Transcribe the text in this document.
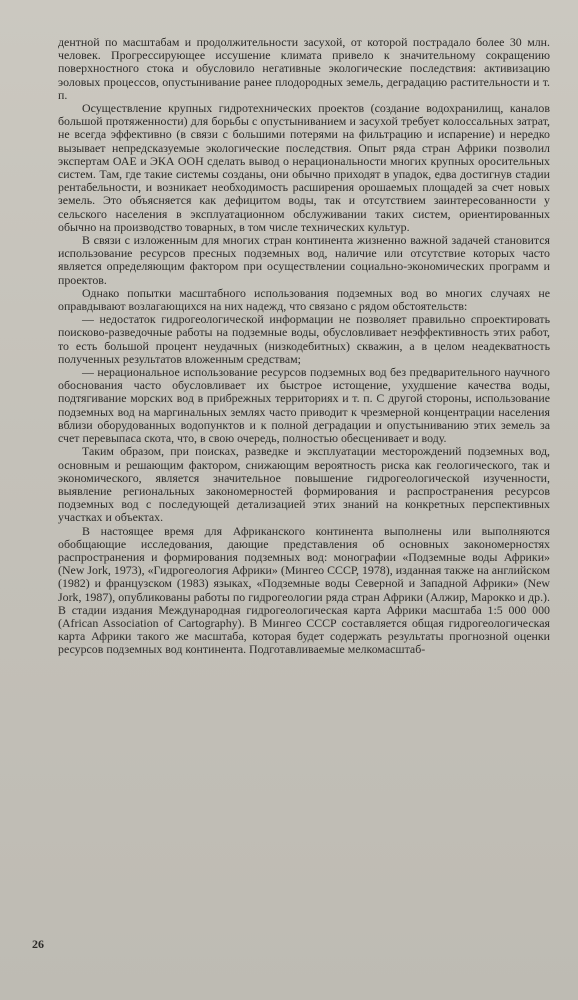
дентной по масштабам и продолжительности засухой, от которой пострадало более 30 млн. человек. Прогрессирующее иссушение климата привело к значительному сокращению поверхностного стока и обусловило негативные экологические последствия: активизацию эоловых процессов, опустынивание ранее плодородных земель, деградацию растительности и т. п.

Осуществление крупных гидротехнических проектов (создание водохранилищ, каналов большой протяженности) для борьбы с опустыниванием и засухой требует колоссальных затрат, не всегда эффективно (в связи с большими потерями на фильтрацию и испарение) и нередко вызывает непредсказуемые экологические последствия. Опыт ряда стран Африки позволил экспертам ОАЕ и ЭКА ООН сделать вывод о нерациональности многих крупных оросительных систем. Там, где такие системы созданы, они обычно приходят в упадок, едва достигнув стадии рентабельности, и возникает необходимость расширения орошаемых площадей за счет новых земель. Это объясняется как дефицитом воды, так и отсутствием заинтересованности у сельского населения в эксплуатационном обслуживании таких систем, ориентированных обычно на производство товарных, в том числе технических культур.

В связи с изложенным для многих стран континента жизненно важной задачей становится использование ресурсов пресных подземных вод, наличие или отсутствие которых часто является определяющим фактором при осуществлении социально-экономических программ и проектов.

Однако попытки масштабного использования подземных вод во многих случаях не оправдывают возлагающихся на них надежд, что связано с рядом обстоятельств:

— недостаток гидрогеологической информации не позволяет правильно спроектировать поисково-разведочные работы на подземные воды, обусловливает неэффективность этих работ, то есть большой процент неудачных (низкодебитных) скважин, а в целом неадекватность полученных результатов вложенным средствам;

— нерациональное использование ресурсов подземных вод без предварительного научного обоснования часто обусловливает их быстрое истощение, ухудшение качества воды, подтягивание морских вод в прибрежных территориях и т. п. С другой стороны, использование подземных вод на маргинальных землях часто приводит к чрезмерной концентрации населения вблизи оборудованных водопунктов и к полной деградации и опустыниванию этих земель за счет перевыпаса скота, что, в свою очередь, полностью обесценивает и воду.

Таким образом, при поисках, разведке и эксплуатации месторождений подземных вод, основным и решающим фактором, снижающим вероятность риска как геологического, так и экономического, является значительное повышение гидрогеологической изученности, выявление региональных закономерностей формирования и распространения ресурсов подземных вод с последующей детализацией этих знаний на конкретных перспективных участках и объектах.

В настоящее время для Африканского континента выполнены или выполняются обобщающие исследования, дающие представления об основных закономерностях распространения и формирования подземных вод: монографии «Подземные воды Африки» (New Jork, 1973), «Гидрогеология Африки» (Мингео СССР, 1978), изданная также на английском (1982) и французском (1983) языках, «Подземные воды Северной и Западной Африки» (New Jork, 1987), опубликованы работы по гидрогеологии ряда стран Африки (Алжир, Марокко и др.). В стадии издания Международная гидрогеологическая карта Африки масштаба 1:5 000 000 (African Association of Cartography). В Мингео СССР составляется общая гидрогеологическая карта Африки такого же масштаба, которая будет содержать результаты прогнозной оценки ресурсов подземных вод континента. Подготавливаемые мелкомасштаб-

26
